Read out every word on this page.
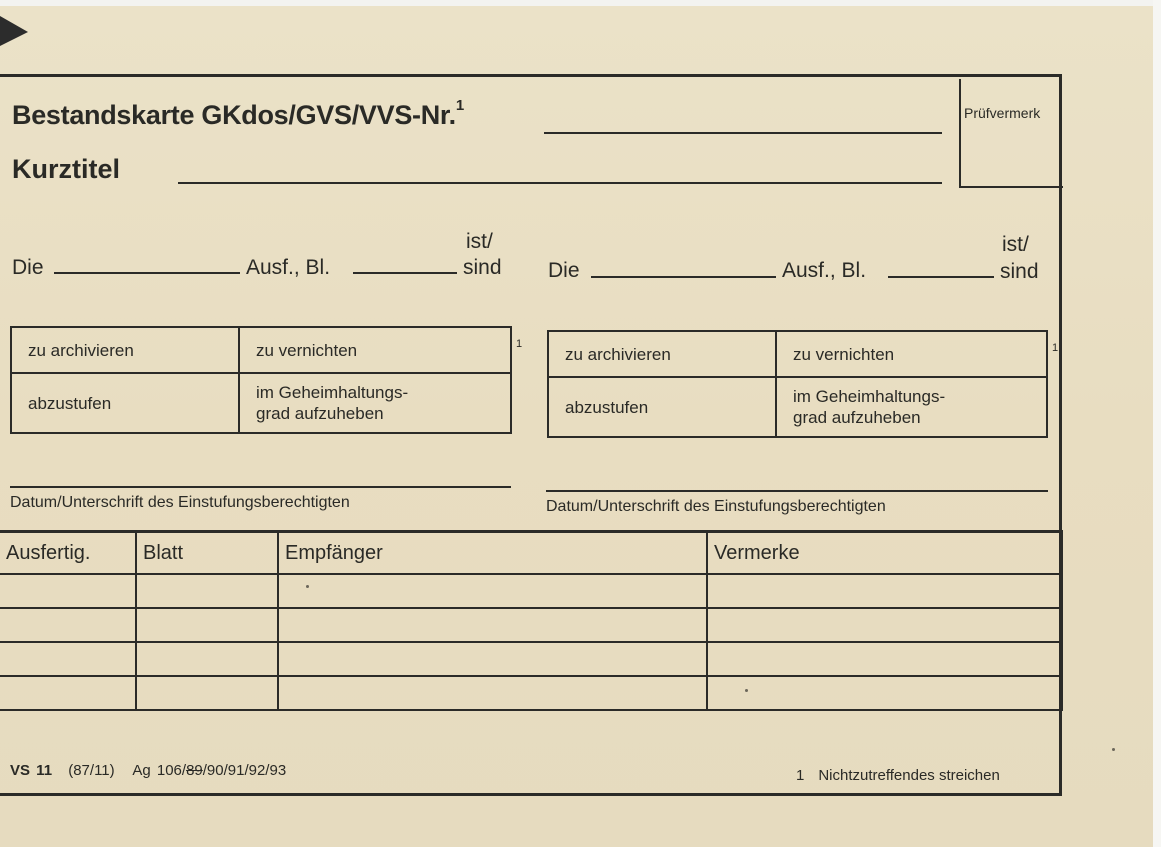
Bestandskarte GKdos/GVS/VVS-Nr.$^1$
Kurztitel
Prüfvermerk
Die	Ausf., Bl.
ist/
sind
zu archivieren	zu vernichten
abzustufen	im Geheimhaltungs-
grad aufzuheben
1
Datum/Unterschrift des Einstufungsberechtigten
Die	Ausf., Bl.
ist/
sind
zu archivieren	zu vernichten
abzustufen	im Geheimhaltungs-
grad aufzuheben
1
Datum/Unterschrift des Einstufungsberechtigten
Ausfertig.	Blatt	Empfänger	Vermerke

VS 11 (87/11) Ag 106/89/90/91/92/93	1 Nichtzutreffendes streichen
